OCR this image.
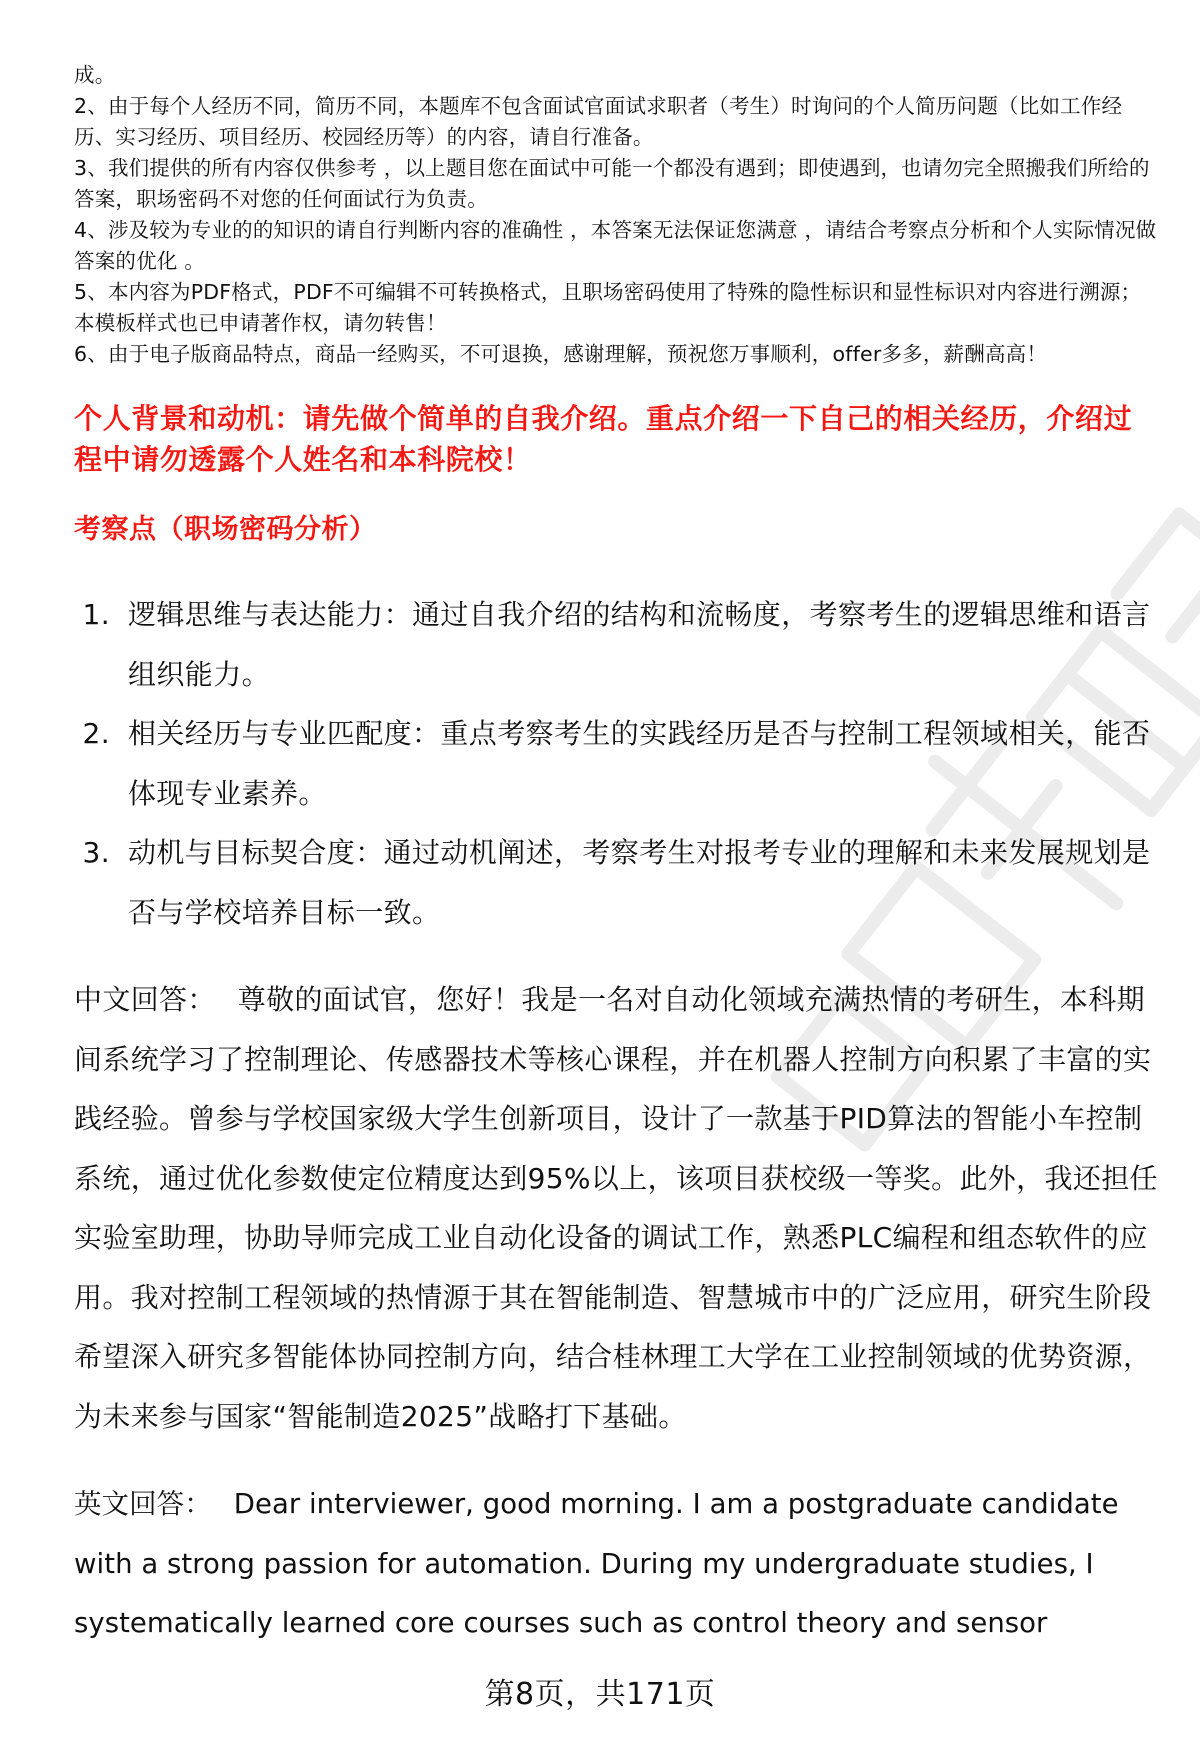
成。

2、由于每个人经历不同，简历不同，本题库不包含面试官面试求职者（考生）时询问的个人简历问题（比如工作经历、实习经历、项目经历、校园经历等）的内容，请自行准备。

3、我们提供的所有内容仅供参考 ，以上题目您在面试中可能一个都没有遇到；即使遇到，也请勿完全照搬我们所给的答案，职场密码不对您的任何面试行为负责。

4、涉及较为专业的的知识的请自行判断内容的准确性 ，本答案无法保证您满意 ，请结合考察点分析和个人实际情况做答案的优化 。

5、本内容为PDF格式，PDF不可编辑不可转换格式，且职场密码使用了特殊的隐性标识和显性标识对内容进行溯源；本模板样式也已申请著作权，请勿转售！

6、由于电子版商品特点，商品一经购买，不可退换，感谢理解，预祝您万事顺利，offer多多，薪酬高高！

个人背景和动机：请先做个简单的自我介绍。重点介绍一下自己的相关经历，介绍过程中请勿透露个人姓名和本科院校！
考察点（职场密码分析）
1. 逻辑思维与表达能力：通过自我介绍的结构和流畅度，考察考生的逻辑思维和语言组织能力。
2. 相关经历与专业匹配度：重点考察考生的实践经历是否与控制工程领域相关，能否体现专业素养。
3. 动机与目标契合度：通过动机阐述，考察考生对报考专业的理解和未来发展规划是否与学校培养目标一致。

中文回答： 尊敬的面试官，您好！我是一名对自动化领域充满热情的考研生，本科期间系统学习了控制理论、传感器技术等核心课程，并在机器人控制方向积累了丰富的实践经验。曾参与学校国家级大学生创新项目，设计了一款基于PID算法的智能小车控制系统，通过优化参数使定位精度达到95%以上，该项目获校级一等奖。此外，我还担任实验室助理，协助导师完成工业自动化设备的调试工作，熟悉PLC编程和组态软件的应用。我对控制工程领域的热情源于其在智能制造、智慧城市中的广泛应用，研究生阶段希望深入研究多智能体协同控制方向，结合桂林理工大学在工业控制领域的优势资源，为未来参与国家“智能制造2025”战略打下基础。

英文回答： Dear interviewer, good morning. I am a postgraduate candidate with a strong passion for automation. During my undergraduate studies, I systematically learned core courses such as control theory and sensor

第8页，共171页
